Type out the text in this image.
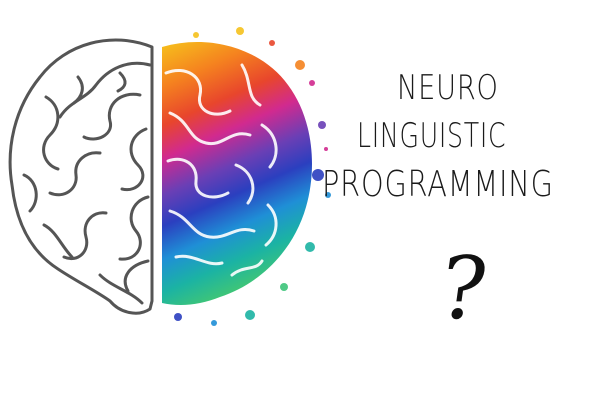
NEURO
LINGUISTIC
PROGRAMMING
?
